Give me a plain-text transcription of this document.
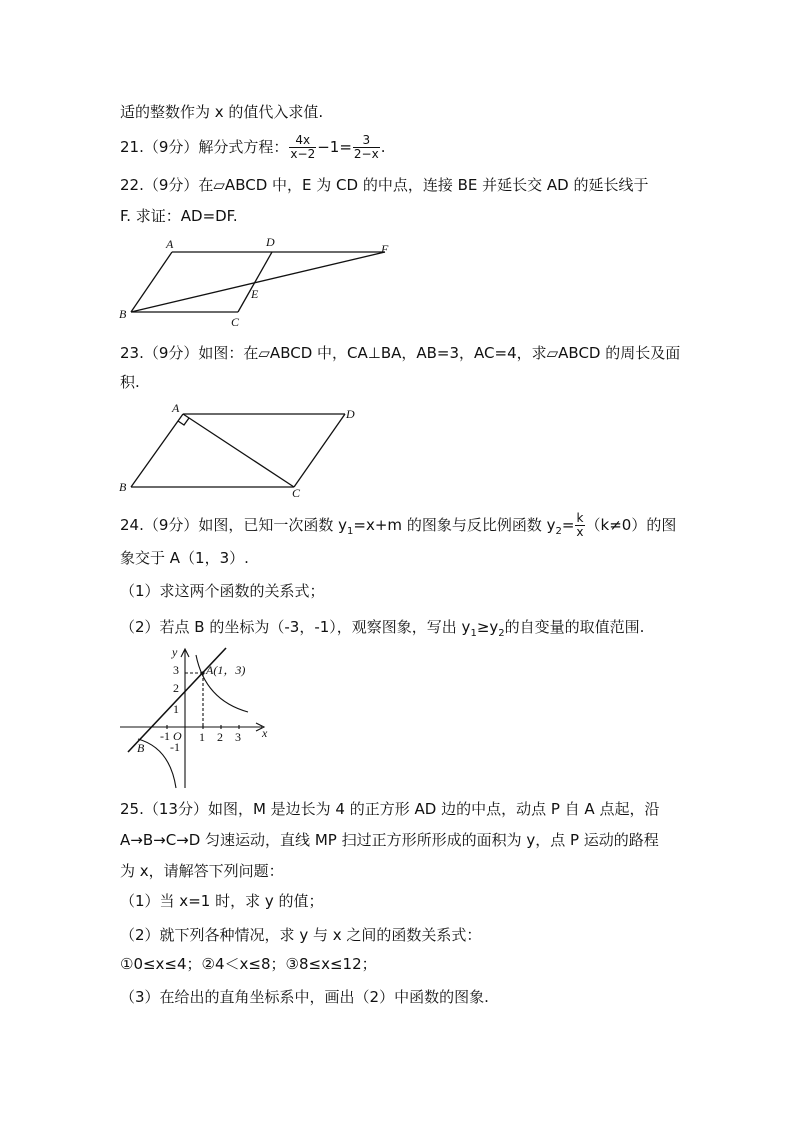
适的整数作为 x 的值代入求值.
21.（9分）解分式方程： $\frac{4x}{x-2} -1= \frac{3}{2-x}$ .
22.（9分）在▱ABCD 中，E 为 CD 的中点，连接 BE 并延长交 AD 的延长线于
F. 求证：AD=DF.
A	D	F
E
B
C
23.（9分）如图：在▱ABCD 中，CA⊥BA，AB=3，AC=4，求▱ABCD 的周长及面
积.
A	D
B	C
24.（9分）如图，已知一次函数 $y_1=x+m$ 的图象与反比例函数 $y_2= \frac{k}{x} (k\ne 0)$的图
象交于 A（1，3）.
（1）求这两个函数的关系式；
（2）若点 B 的坐标为（-3，-1），观察图象，写出 $y_1\ge y_2$的自变量的取值范围.
y
x
O
A(1，3)
B
3
2
1
-1
-1 1 2 3
25.（13分）如图，M 是边长为 4 的正方形 AD 边的中点，动点 P 自 A 点起，沿
A→B→C→D 匀速运动，直线 MP 扫过正方形所形成的面积为 y，点 P 运动的路程
为 x，请解答下列问题：
（1）当 x=1 时，求 y 的值；
（2）就下列各种情况，求 y 与 x 之间的函数关系式：
①0≤x≤4；②4＜x≤8；③8≤x≤12；
（3）在给出的直角坐标系中，画出（2）中函数的图象.
